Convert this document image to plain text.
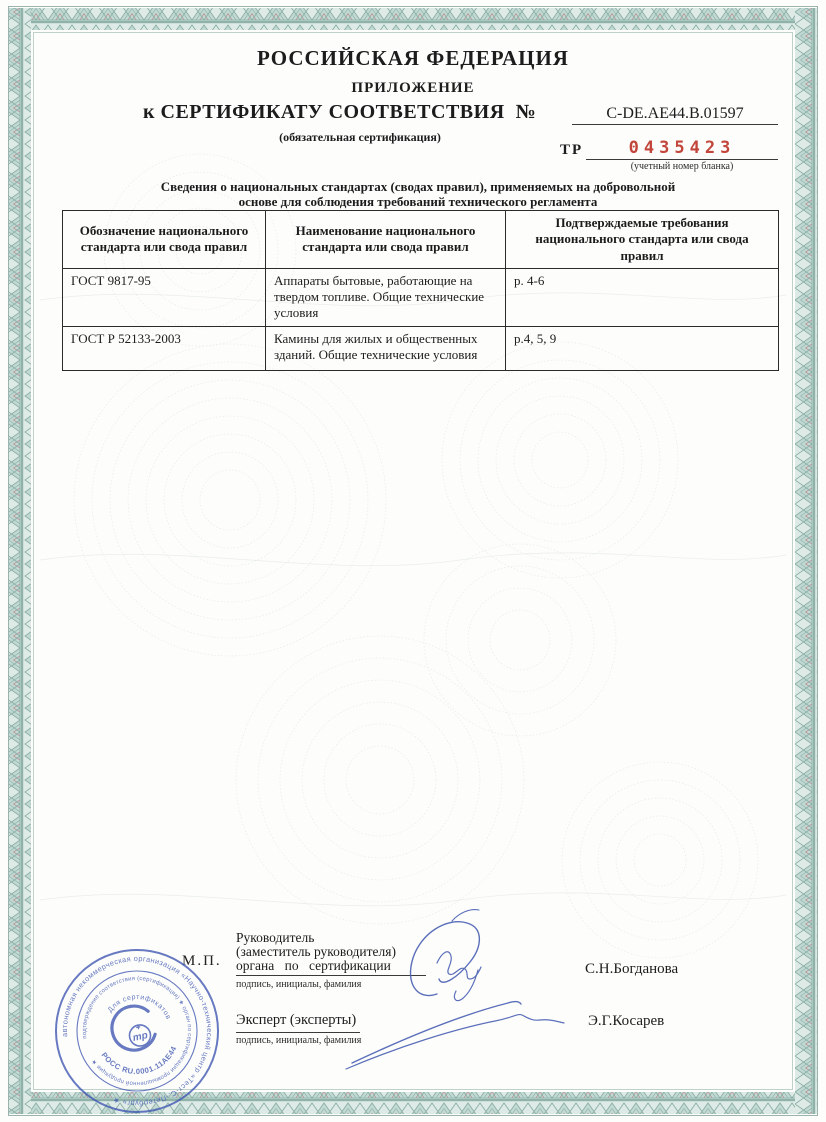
РОССИЙСКАЯ ФЕДЕРАЦИЯ
ПРИЛОЖЕНИЕ
к СЕРТИФИКАТУ СООТВЕТСТВИЯ №	C-DE.AE44.B.01597
(обязательная сертификация)
ТР	0435423
(учетный номер бланка)
Сведения о национальных стандартах (сводах правил), применяемых на добровольной
основе для соблюдения требований технического регламента
Обозначение национального стандарта или свода правил	Наименование национального стандарта или свода правил	Подтверждаемые требования национального стандарта или свода правил
ГОСТ 9817-95	Аппараты бытовые, работающие на твердом топливе. Общие технические условия	р. 4-6
ГОСТ Р 52133-2003	Камины для жилых и общественных зданий. Общие технические условия	р.4, 5, 9
М.П.
автономная некоммерческая организация «Научно-технический центр «Тест-С.-Петербург» ★
подтверждение соответствия (сертификация) ★ орган по сертификации промышленной продукции ★
Для сертификатов
РОСС RU.0001.11АЕ44
тр
Руководитель
(заместитель руководителя)
органа по сертификации
подпись, инициалы, фамилия
С.Н.Богданова
Эксперт (эксперты)
подпись, инициалы, фамилия
Э.Г.Косарев
